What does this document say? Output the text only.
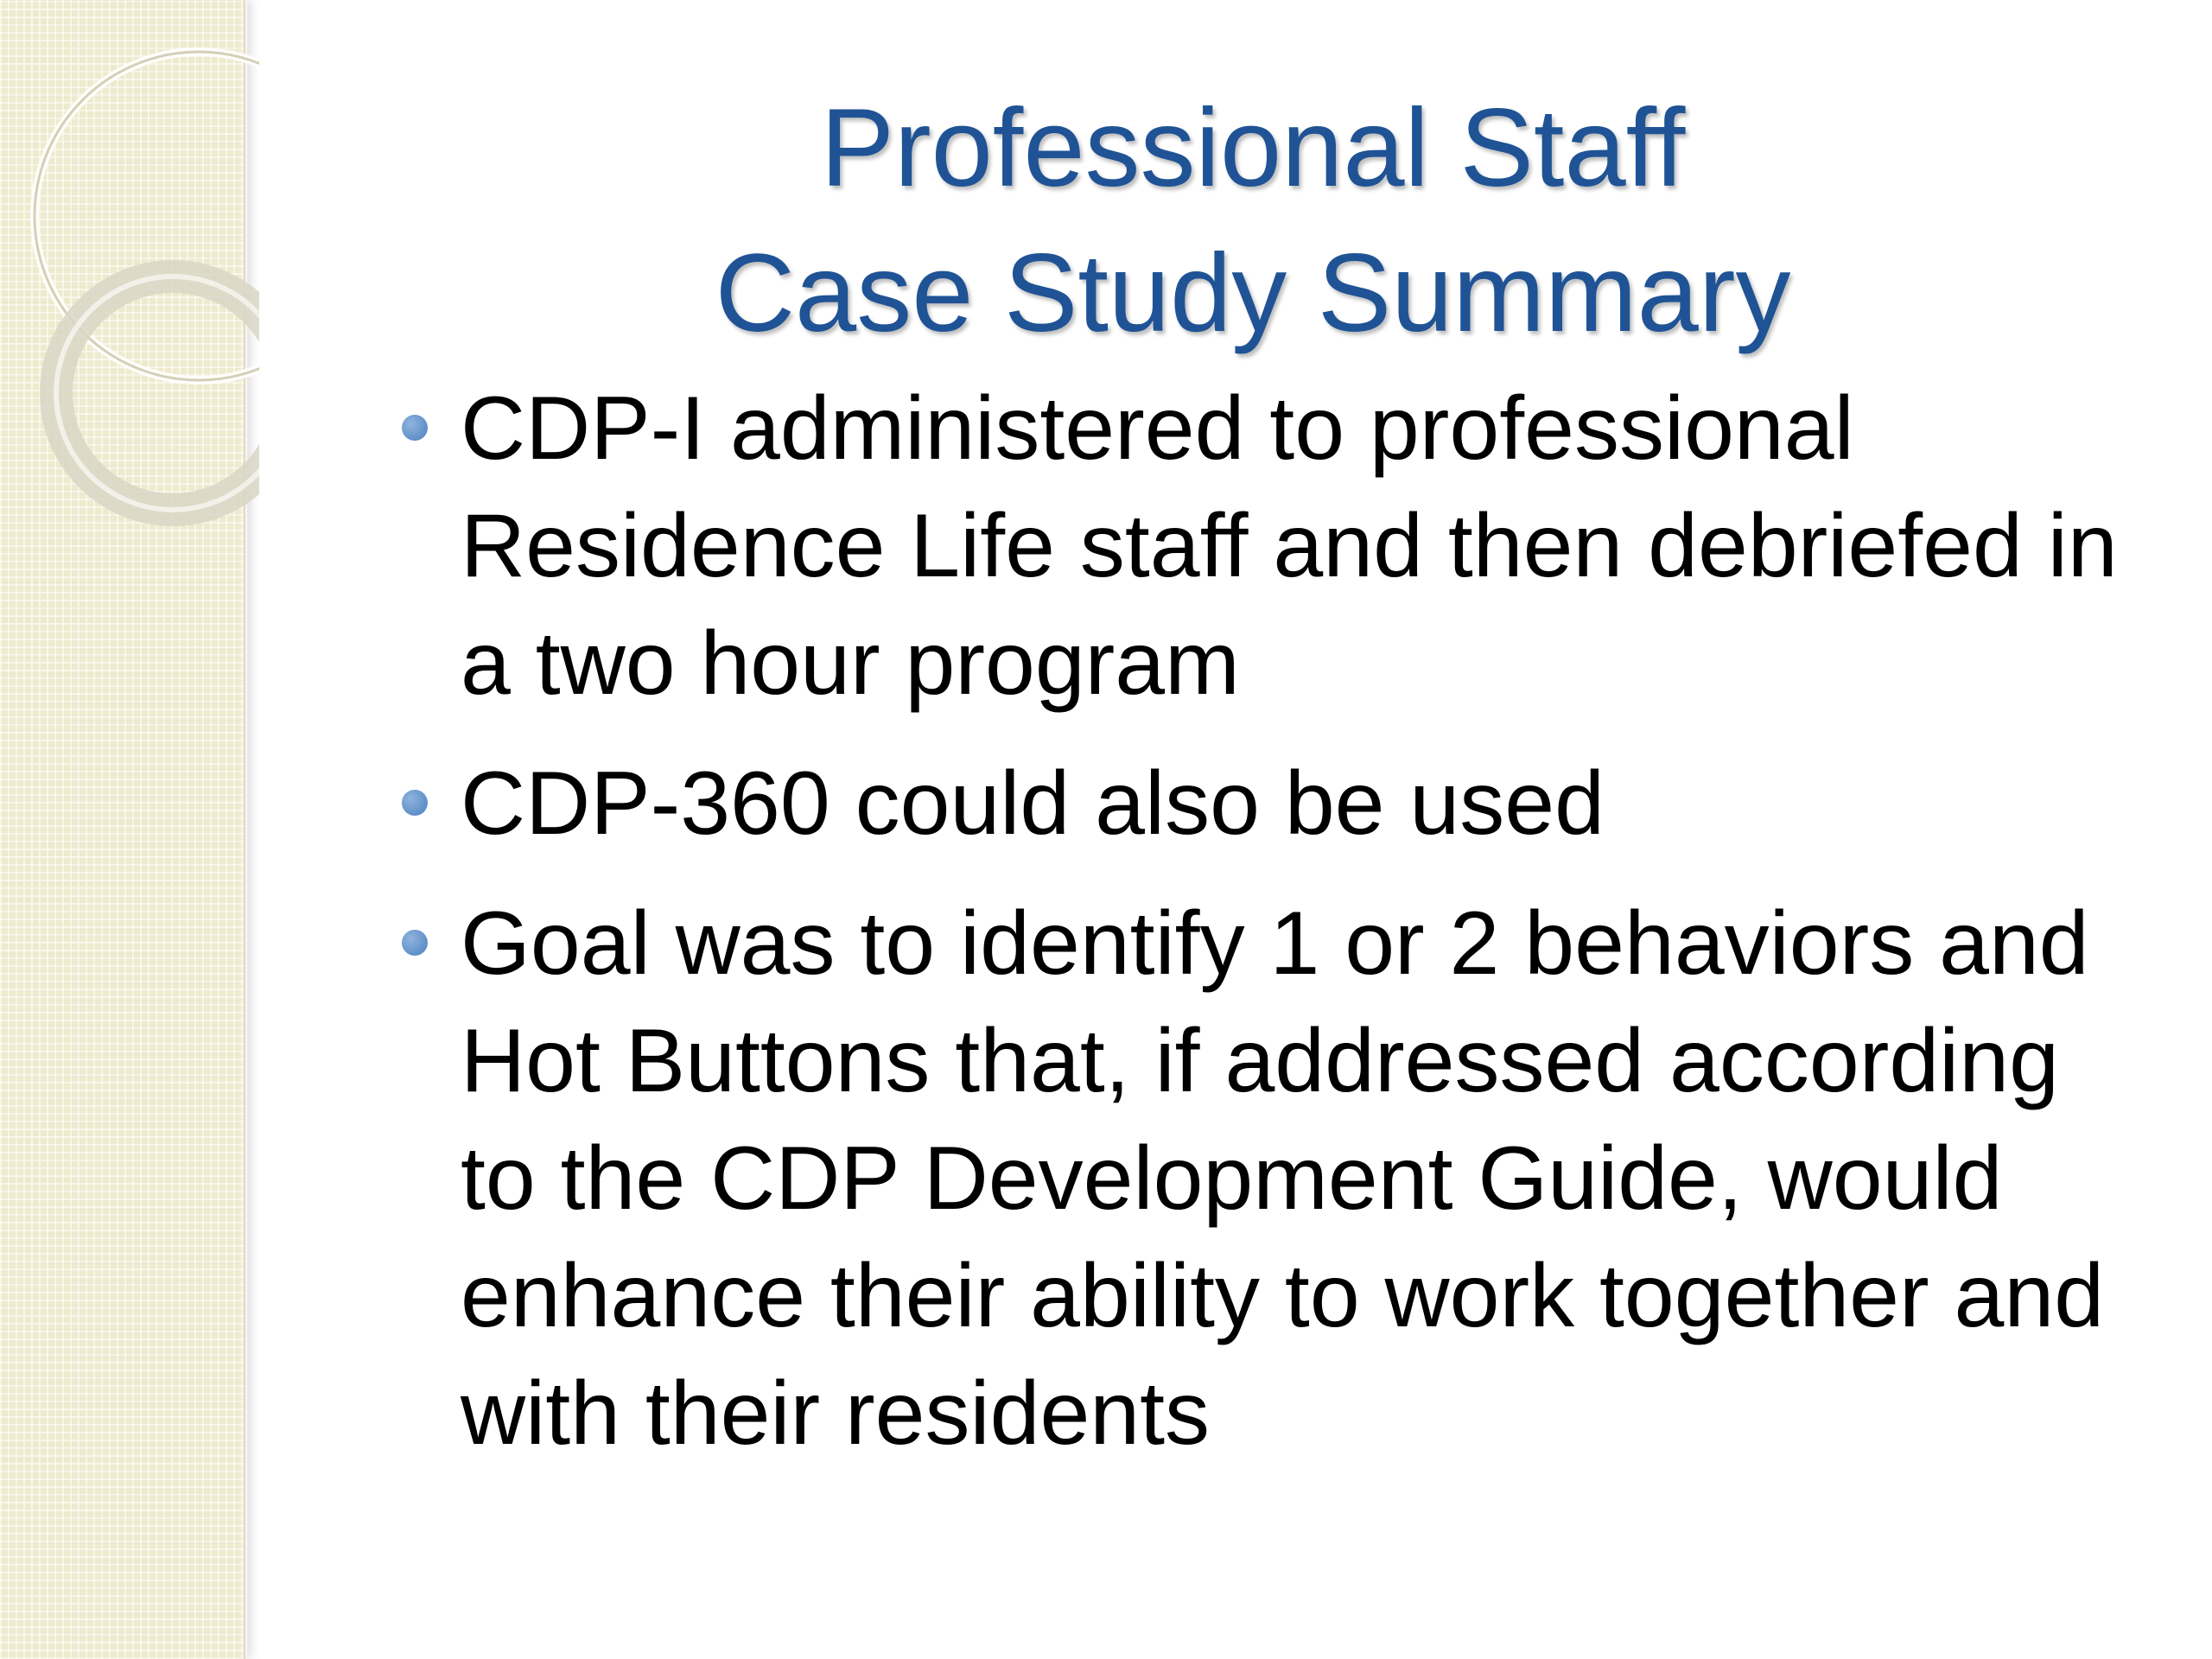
Professional Staff
Case Study Summary
CDP-I administered to professional Residence Life staff and then debriefed in a two hour program
CDP-360 could also be used
Goal was to identify 1 or 2 behaviors and Hot Buttons that, if addressed according to the CDP Development Guide, would enhance their ability to work together and with their residents
